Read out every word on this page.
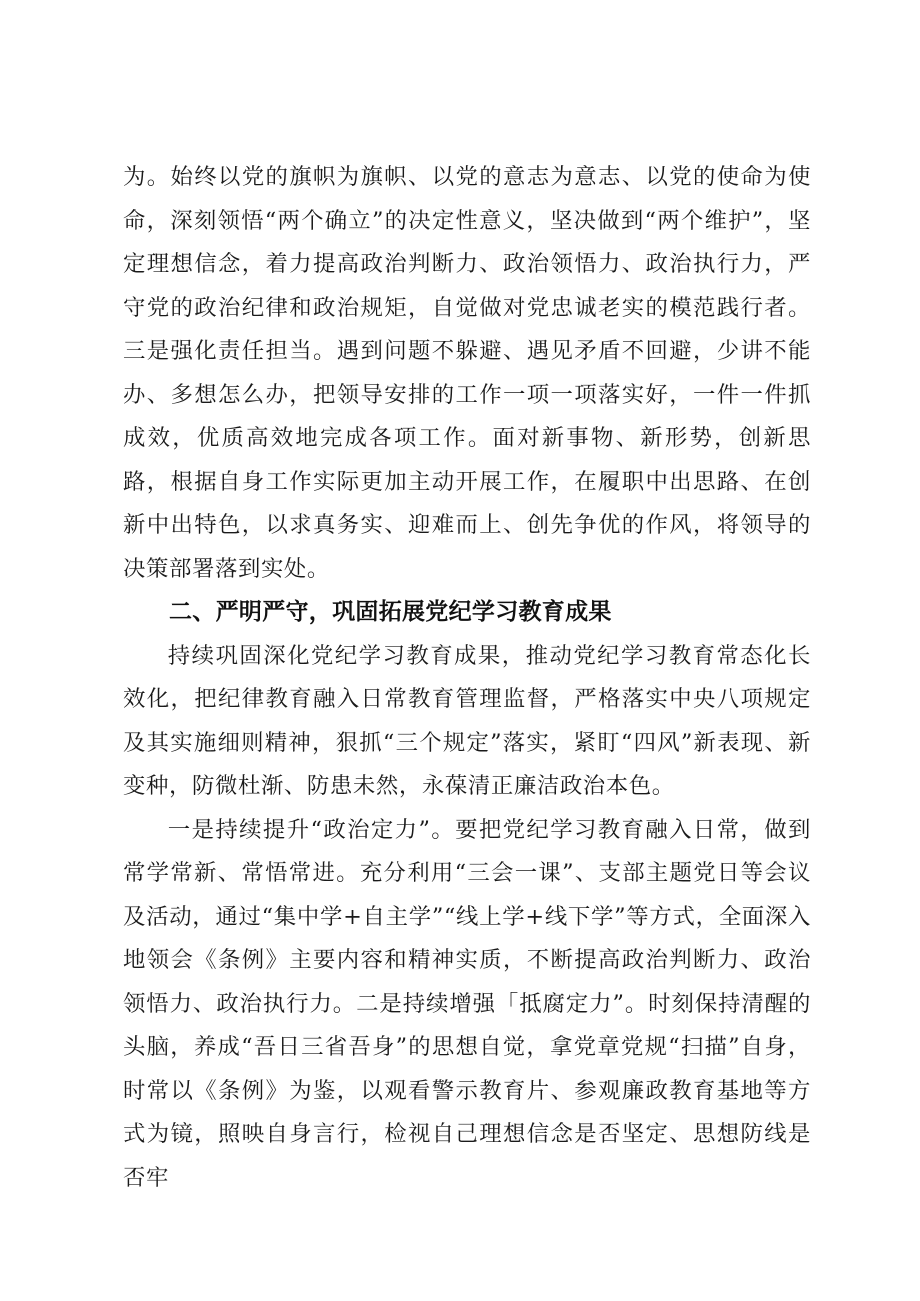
为。始终以党的旗帜为旗帜、以党的意志为意志、以党的使命为使命，深刻领悟“两个确立”的决定性意义，坚决做到“两个维护”，坚定理想信念，着力提高政治判断力、政治领悟力、政治执行力，严守党的政治纪律和政治规矩，自觉做对党忠诚老实的模范践行者。三是强化责任担当。遇到问题不躲避、遇见矛盾不回避，少讲不能办、多想怎么办，把领导安排的工作一项一项落实好，一件一件抓成效，优质高效地完成各项工作。面对新事物、新形势，创新思路，根据自身工作实际更加主动开展工作，在履职中出思路、在创新中出特色，以求真务实、迎难而上、创先争优的作风，将领导的决策部署落到实处。

二、严明严守，巩固拓展党纪学习教育成果

持续巩固深化党纪学习教育成果，推动党纪学习教育常态化长效化，把纪律教育融入日常教育管理监督，严格落实中央八项规定及其实施细则精神，狠抓“三个规定”落实，紧盯“四风”新表现、新变种，防微杜渐、防患未然，永葆清正廉洁政治本色。

一是持续提升“政治定力”。要把党纪学习教育融入日常，做到常学常新、常悟常进。充分利用“三会一课”、支部主题党日等会议及活动，通过“集中学+自主学”“线上学+线下学”等方式，全面深入地领会《条例》主要内容和精神实质，不断提高政治判断力、政治领悟力、政治执行力。二是持续增强「抵腐定力”。时刻保持清醒的头脑，养成“吾日三省吾身”的思想自觉，拿党章党规“扫描”自身，时常以《条例》为鉴，以观看警示教育片、参观廉政教育基地等方式为镜，照映自身言行，检视自己理想信念是否坚定、思想防线是否牢
